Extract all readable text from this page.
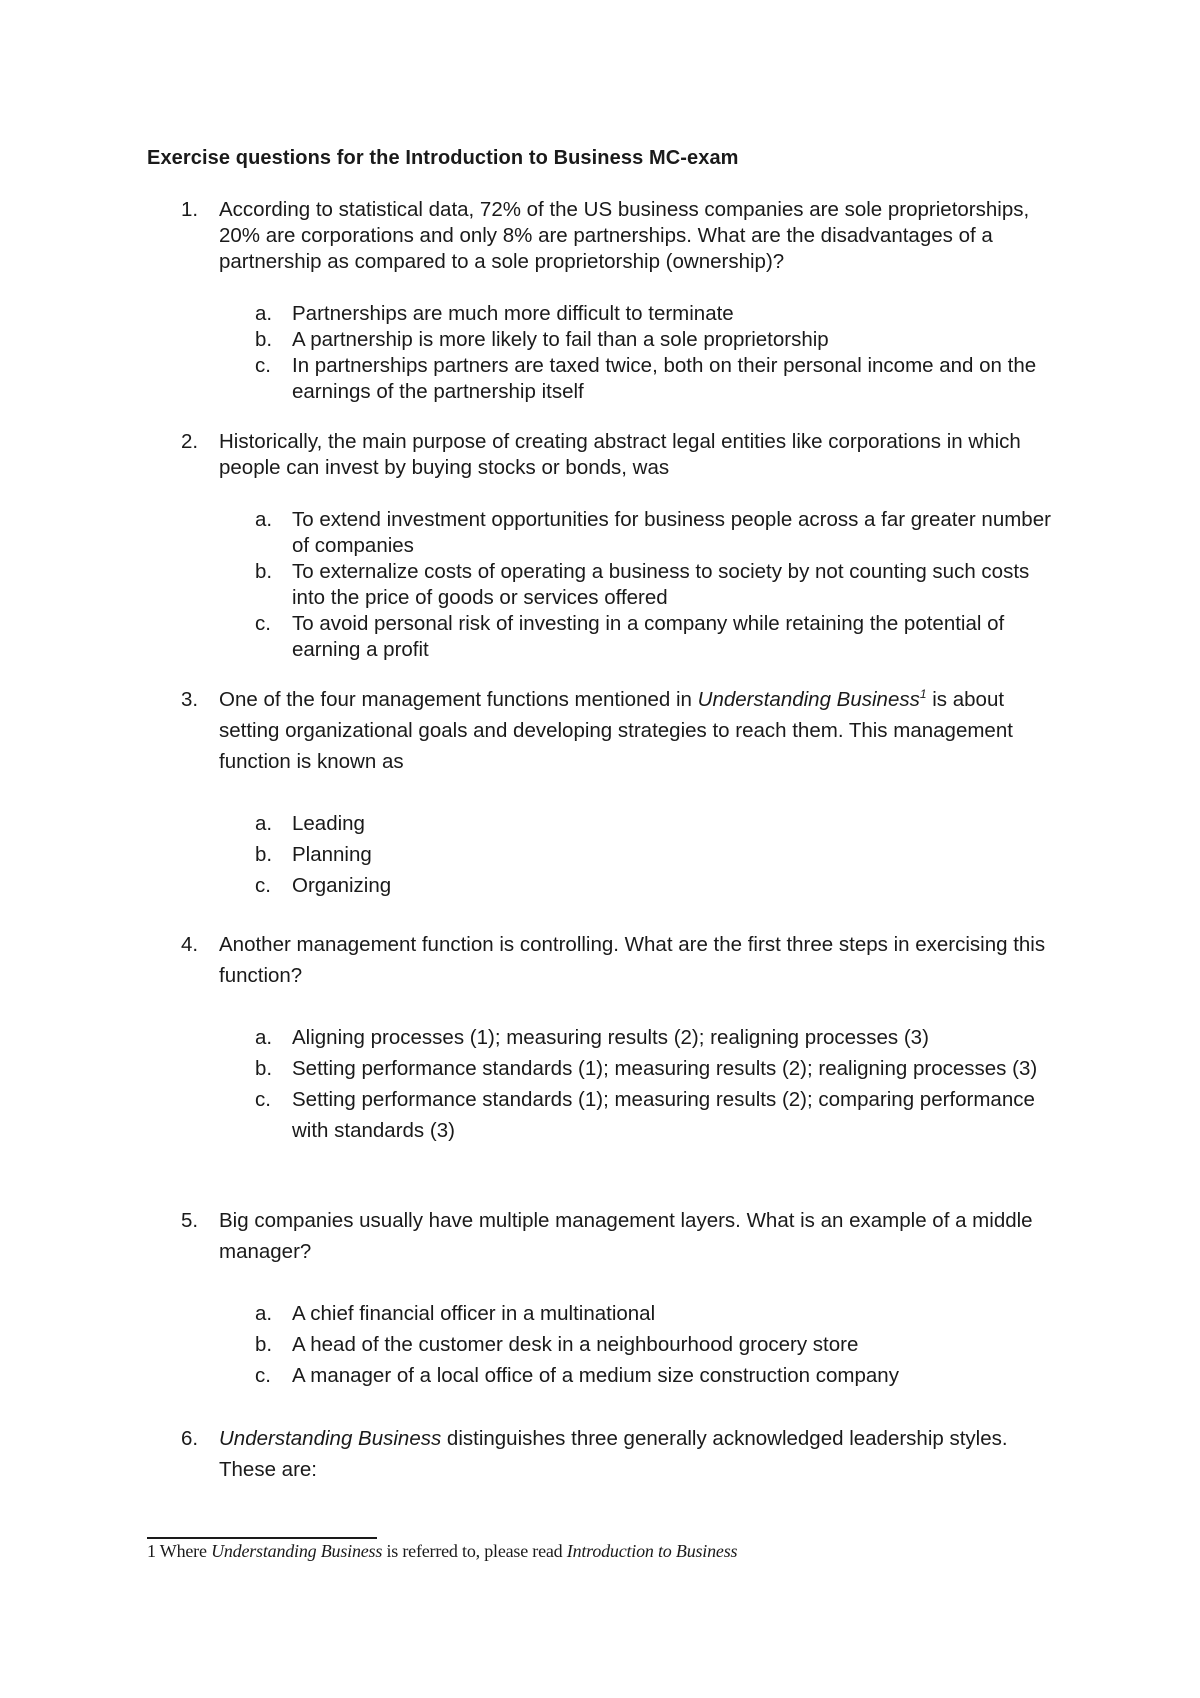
Exercise questions for the Introduction to Business MC-exam
1. According to statistical data, 72% of the US business companies are sole proprietorships, 20% are corporations and only 8% are partnerships. What are the disadvantages of a partnership as compared to a sole proprietorship (ownership)?
a. Partnerships are much more difficult to terminate
b. A partnership is more likely to fail than a sole proprietorship
c. In partnerships partners are taxed twice, both on their personal income and on the earnings of the partnership itself
2. Historically, the main purpose of creating abstract legal entities like corporations in which people can invest by buying stocks or bonds, was
a. To extend investment opportunities for business people across a far greater number of companies
b. To externalize costs of operating a business to society by not counting such costs into the price of goods or services offered
c. To avoid personal risk of investing in a company while retaining the potential of earning a profit
3. One of the four management functions mentioned in Understanding Business$^1$ is about setting organizational goals and developing strategies to reach them. This management function is known as
a. Leading
b. Planning
c. Organizing
4. Another management function is controlling. What are the first three steps in exercising this function?
a. Aligning processes (1); measuring results (2); realigning processes (3)
b. Setting performance standards (1); measuring results (2); realigning processes (3)
c. Setting performance standards (1); measuring results (2); comparing performance with standards (3)
5. Big companies usually have multiple management layers. What is an example of a middle manager?
a. A chief financial officer in a multinational
b. A head of the customer desk in a neighbourhood grocery store
c. A manager of a local office of a medium size construction company
6. Understanding Business distinguishes three generally acknowledged leadership styles. These are:
1 Where Understanding Business is referred to, please read Introduction to Business
